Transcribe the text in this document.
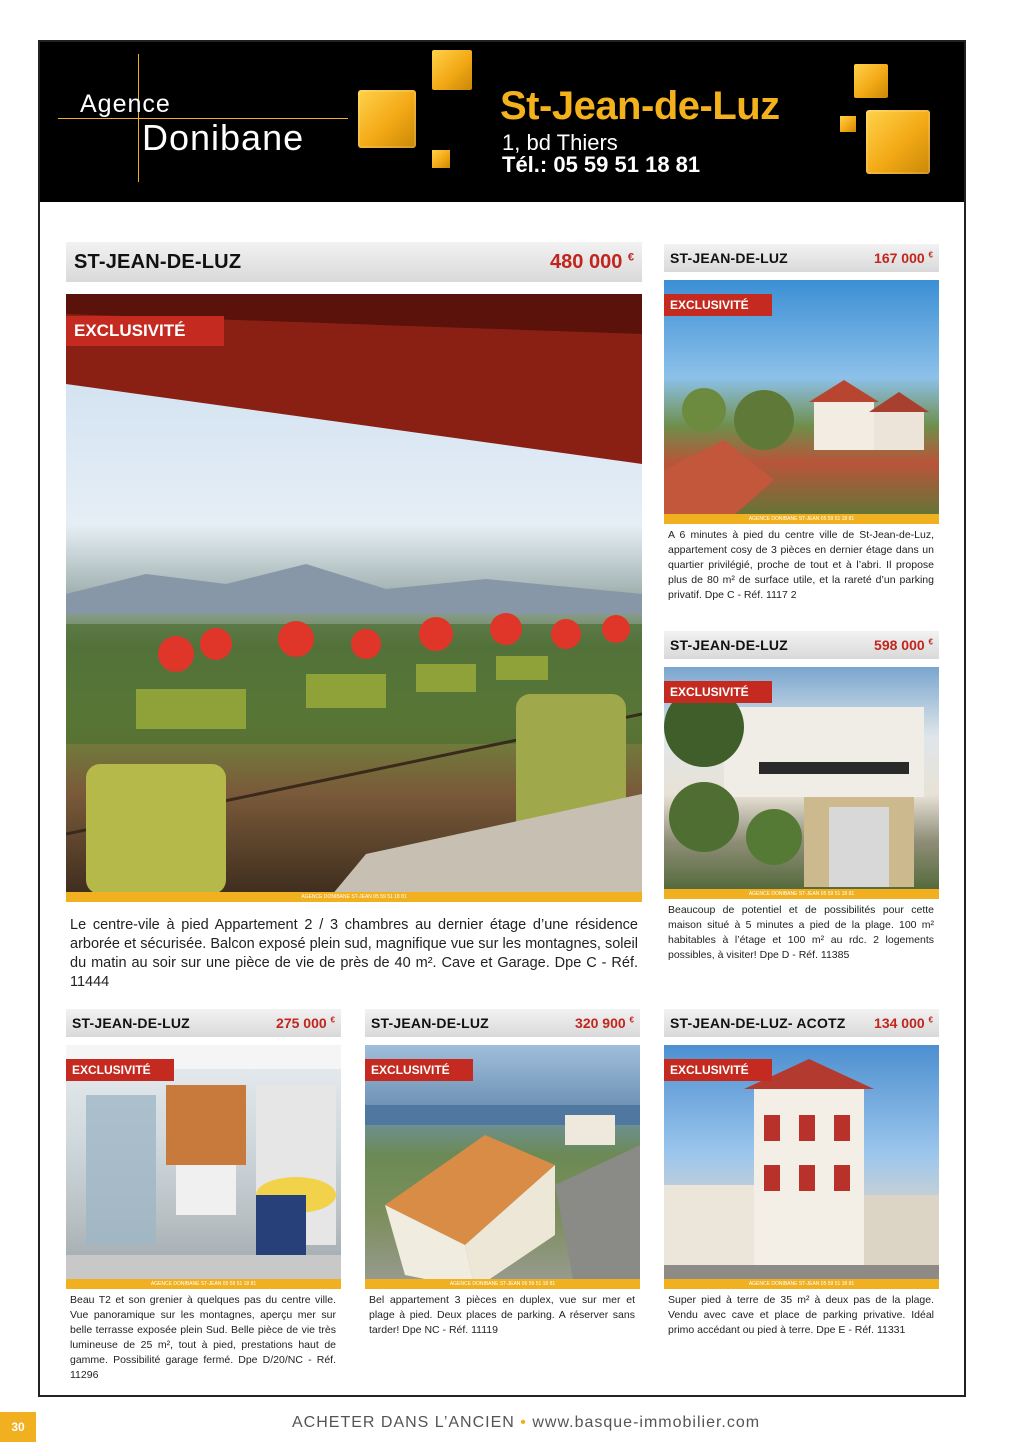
Agence
Donibane
St-Jean-de-Luz
1, bd Thiers
Tél.: 05 59 51 18 81
ST-JEAN-DE-LUZ	480 000 €
EXCLUSIVITÉ
AGENCE DONIBANE ST-JEAN 05 59 51 18 81
Le centre-vile à pied Appartement 2 / 3 chambres au dernier étage d’une résidence arborée et sécurisée. Balcon exposé plein sud, magnifique vue sur les montagnes, soleil du matin au soir sur une pièce de vie de près de 40 m². Cave et Garage. Dpe C - Réf. 11444
ST-JEAN-DE-LUZ	167 000 €
EXCLUSIVITÉ
AGENCE DONIBANE ST-JEAN 05 59 51 18 81
A 6 minutes à pied du centre ville de St-Jean-de-Luz, appartement cosy de 3 pièces en dernier étage dans un quartier privilégié, proche de tout et à l’abri. Il propose plus de 80 m² de surface utile, et la rareté d’un parking privatif. Dpe C - Réf. 1117 2
ST-JEAN-DE-LUZ	598 000 €
EXCLUSIVITÉ
AGENCE DONIBANE ST-JEAN 05 59 51 18 81
Beaucoup de potentiel et de possibilités pour cette maison situé à 5 minutes a pied de la plage. 100 m² habitables à l’étage et 100 m² au rdc. 2 logements possibles, à visiter! Dpe D - Réf. 11385
ST-JEAN-DE-LUZ	275 000 €
EXCLUSIVITÉ
AGENCE DONIBANE ST-JEAN 05 59 51 18 81
Beau T2 et son grenier à quelques pas du centre ville. Vue panoramique sur les montagnes, aperçu mer sur belle terrasse exposée plein Sud. Belle pièce de vie très lumineuse de 25 m², tout à pied, prestations haut de gamme. Possibilité garage fermé. Dpe D/20/NC - Réf. 11296
ST-JEAN-DE-LUZ	320 900 €
EXCLUSIVITÉ
AGENCE DONIBANE ST-JEAN 05 59 51 18 81
Bel appartement 3 pièces en duplex, vue sur mer et plage à pied. Deux places de parking. A réserver sans tarder! Dpe NC - Réf. 11119
ST-JEAN-DE-LUZ- ACOTZ 134 000 €
EXCLUSIVITÉ
AGENCE DONIBANE ST-JEAN 05 59 51 18 81
Super pied à terre de 35 m² à deux pas de la plage. Vendu avec cave et place de parking privative. Idéal primo accédant ou pied à terre. Dpe E - Réf. 11331
30	ACHETER DANS L’ANCIEN • www.basque-immobilier.com
